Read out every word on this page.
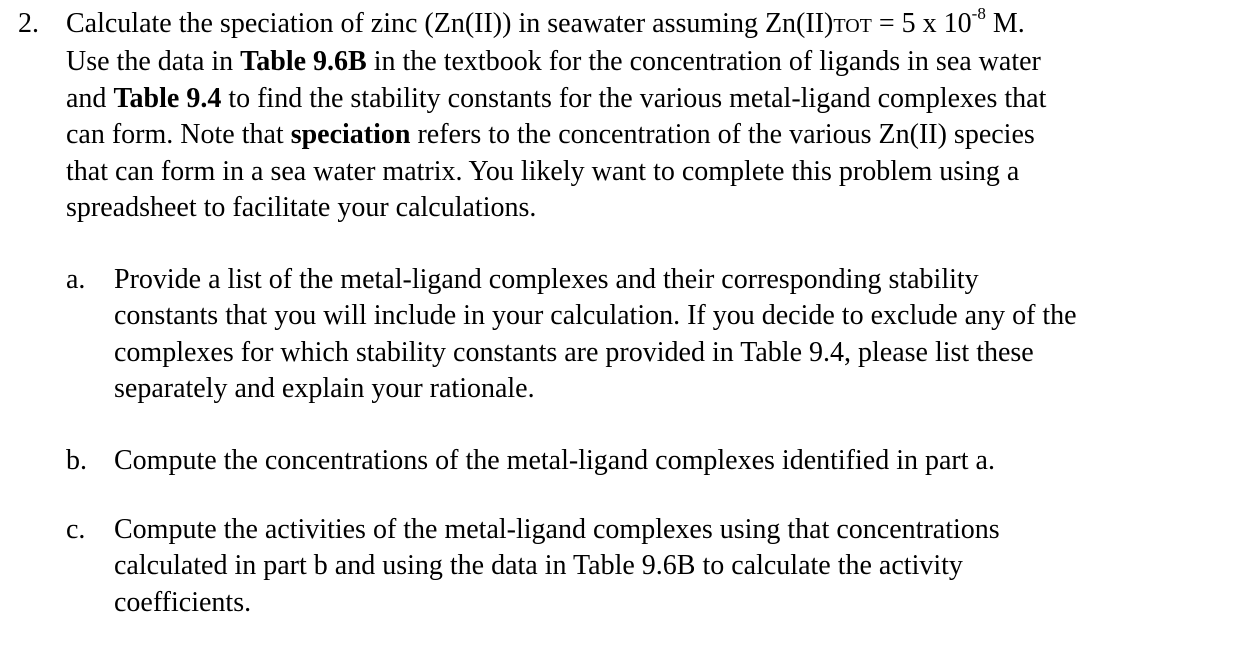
2. Calculate the speciation of zinc (Zn(II)) in seawater assuming Zn(II)TOT = 5 x $10^{-8}$ M.
Use the data in Table 9.6B in the textbook for the concentration of ligands in sea water
and Table 9.4 to find the stability constants for the various metal-ligand complexes that
can form. Note that speciation refers to the concentration of the various Zn(II) species
that can form in a sea water matrix. You likely want to complete this problem using a
spreadsheet to facilitate your calculations.
a. Provide a list of the metal-ligand complexes and their corresponding stability
constants that you will include in your calculation. If you decide to exclude any of the
complexes for which stability constants are provided in Table 9.4, please list these
separately and explain your rationale.
b. Compute the concentrations of the metal-ligand complexes identified in part a.
c. Compute the activities of the metal-ligand complexes using that concentrations
calculated in part b and using the data in Table 9.6B to calculate the activity
coefficients.
